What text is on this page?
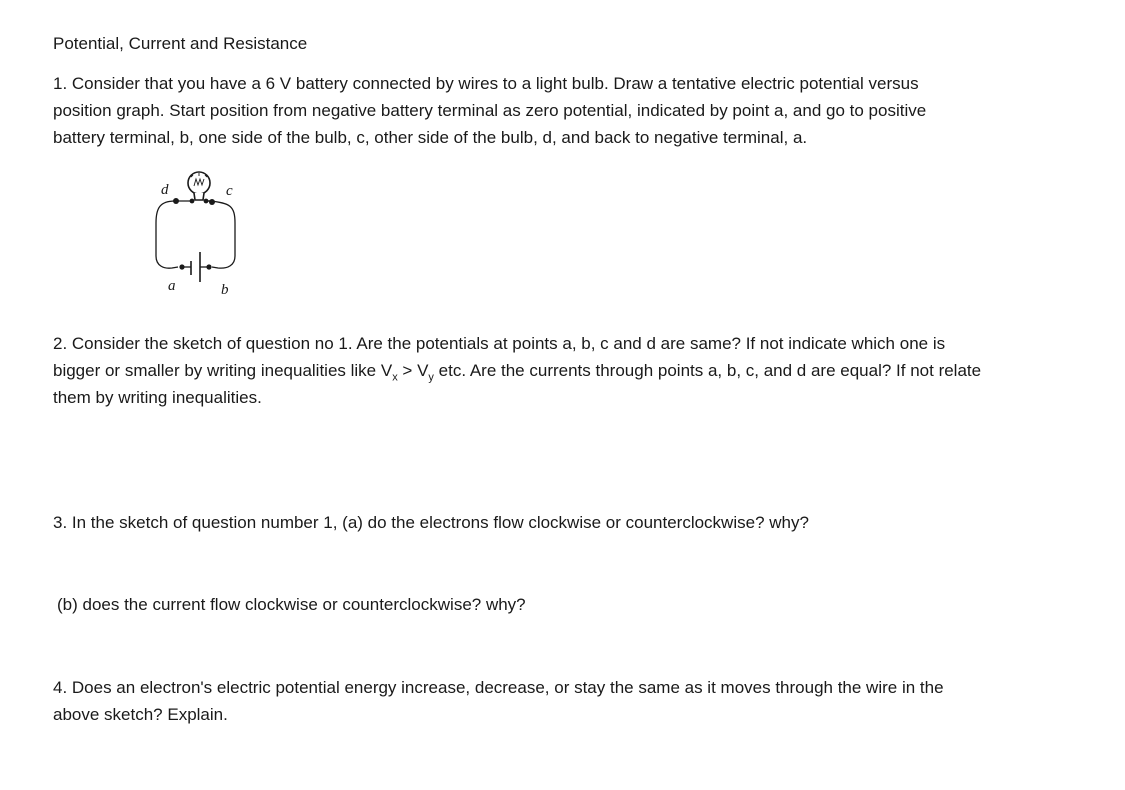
Potential, Current and Resistance
1. Consider that you have a 6 V battery connected by wires to a light bulb. Draw a tentative electric potential versus
position graph. Start position from negative battery terminal as zero potential, indicated by point a, and go to positive
battery terminal, b, one side of the bulb, c, other side of the bulb, d, and back to negative terminal, a.
d	c
a	b
2. Consider the sketch of question no 1. Are the potentials at points a, b, c and d are same? If not indicate which one is
bigger or smaller by writing inequalities like $V_x > V_y$ etc. Are the currents through points a, b, c, and d are equal? If not relate
them by writing inequalities.
3. In the sketch of question number 1, (a) do the electrons flow clockwise or counterclockwise? why?
(b) does the current flow clockwise or counterclockwise? why?
4. Does an electron's electric potential energy increase, decrease, or stay the same as it moves through the wire in the
above sketch? Explain.
